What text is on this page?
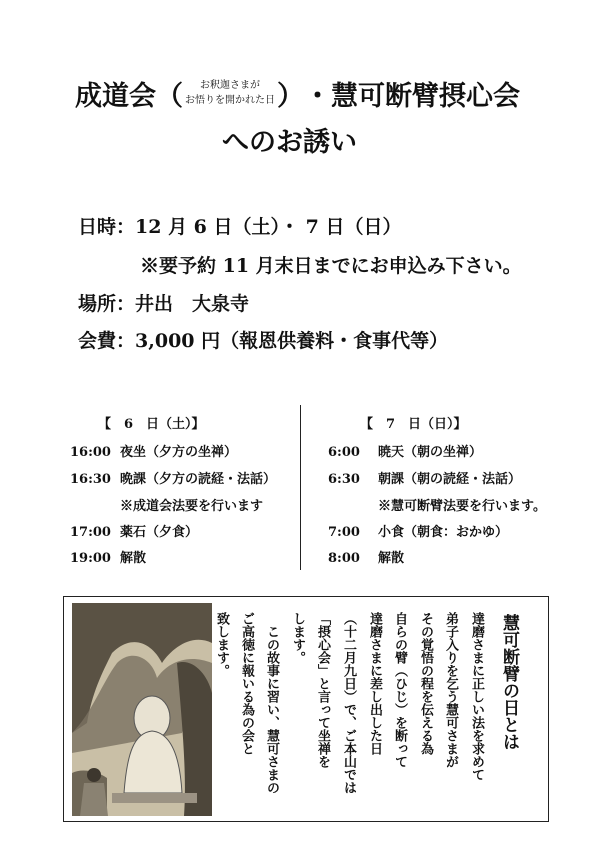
成道会（ お釈迦さまが
お悟りを開かれた日）・慧可断臂摂心会
へのお誘い
日時：12 月 6 日（土）・ 7 日（日）
※要予約 11 月末日までにお申込み下さい。
場所：井出　大泉寺
会費：3,000 円（報恩供養料・食事代等）
【　6　日（土）】
16:00 夜坐（夕方の坐禅）
16:30 晩課（夕方の読経・法話）
※成道会法要を行います
17:00 薬石（夕食）
19:00 解散
【　7　日（日）】
6:00 暁天（朝の坐禅）
6:30 朝課（朝の読経・法話）
※慧可断臂法要を行います。
7:00 小食（朝食：おかゆ）
8:00 解散
慧可断臂の日とは
達磨さまに正しい法を求めて
弟子入りを乞う慧可さまが
その覚悟の程を伝える為
自らの臂（ひじ）を断って
達磨さまに差し出した日
（十二月九日）で、ご本山では
「摂心会」と言って坐禅を
します。
　この故事に習い、慧可さまの
ご高徳に報いる為の会と
致します。
